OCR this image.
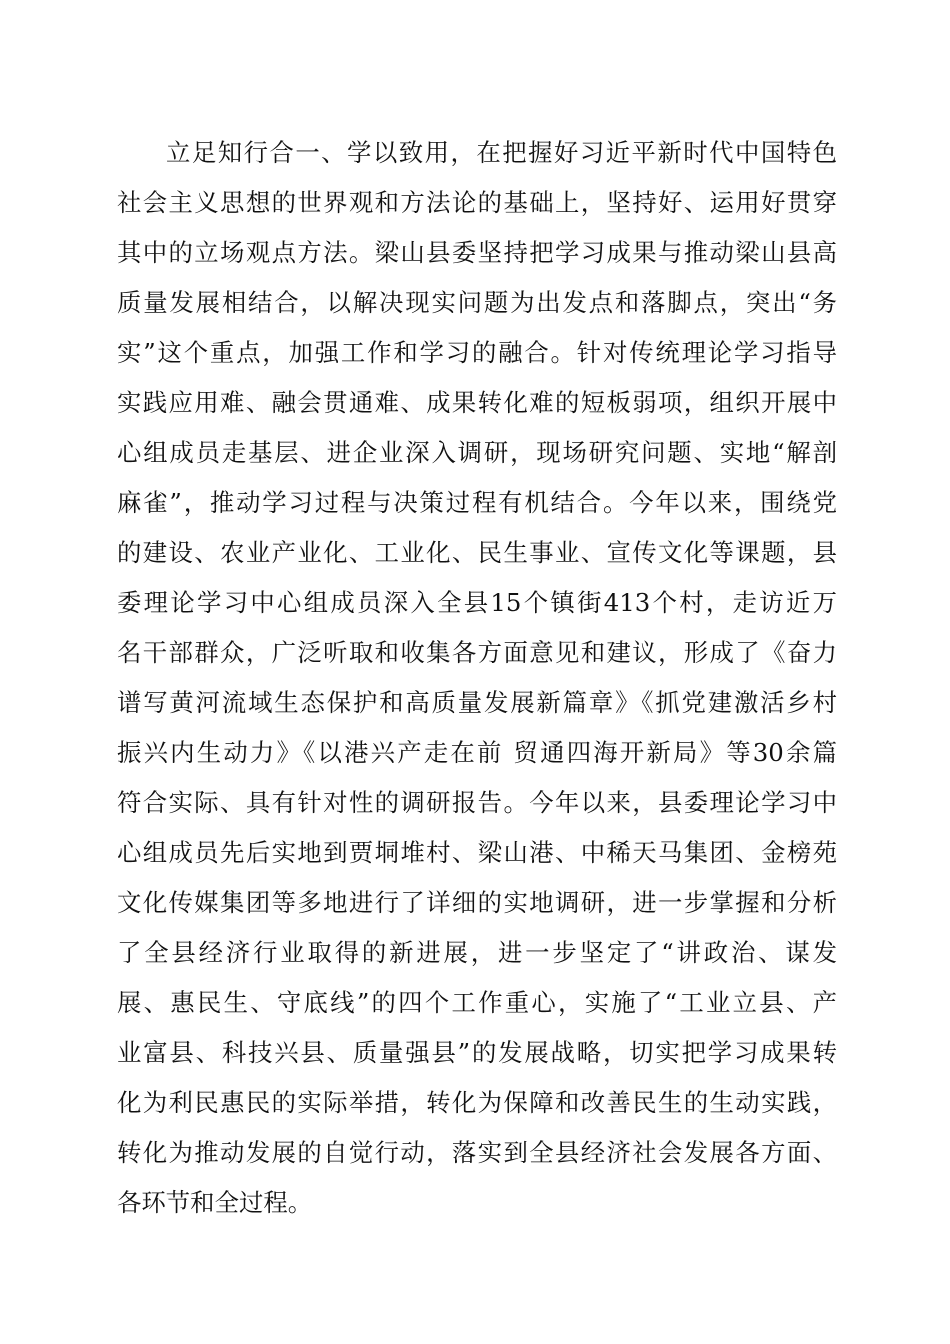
立足知行合一、学以致用，在把握好习近平新时代中国特色
社会主义思想的世界观和方法论的基础上，坚持好、运用好贯穿
其中的立场观点方法。梁山县委坚持把学习成果与推动梁山县高
质量发展相结合，以解决现实问题为出发点和落脚点，突出“务
实”这个重点，加强工作和学习的融合。针对传统理论学习指导
实践应用难、融会贯通难、成果转化难的短板弱项，组织开展中
心组成员走基层、进企业深入调研，现场研究问题、实地“解剖
麻雀”，推动学习过程与决策过程有机结合。今年以来，围绕党
的建设、农业产业化、工业化、民生事业、宣传文化等课题，县
委理论学习中心组成员深入全县15个镇街413个村，走访近万
名干部群众，广泛听取和收集各方面意见和建议，形成了《奋力
谱写黄河流域生态保护和高质量发展新篇章》《抓党建激活乡村
振兴内生动力》《以港兴产走在前 贸通四海开新局》等30余篇
符合实际、具有针对性的调研报告。今年以来，县委理论学习中
心组成员先后实地到贾垌堆村、梁山港、中稀天马集团、金榜苑
文化传媒集团等多地进行了详细的实地调研，进一步掌握和分析
了全县经济行业取得的新进展，进一步坚定了“讲政治、谋发
展、惠民生、守底线”的四个工作重心，实施了“工业立县、产
业富县、科技兴县、质量强县”的发展战略，切实把学习成果转
化为利民惠民的实际举措，转化为保障和改善民生的生动实践，
转化为推动发展的自觉行动，落实到全县经济社会发展各方面、
各环节和全过程。
